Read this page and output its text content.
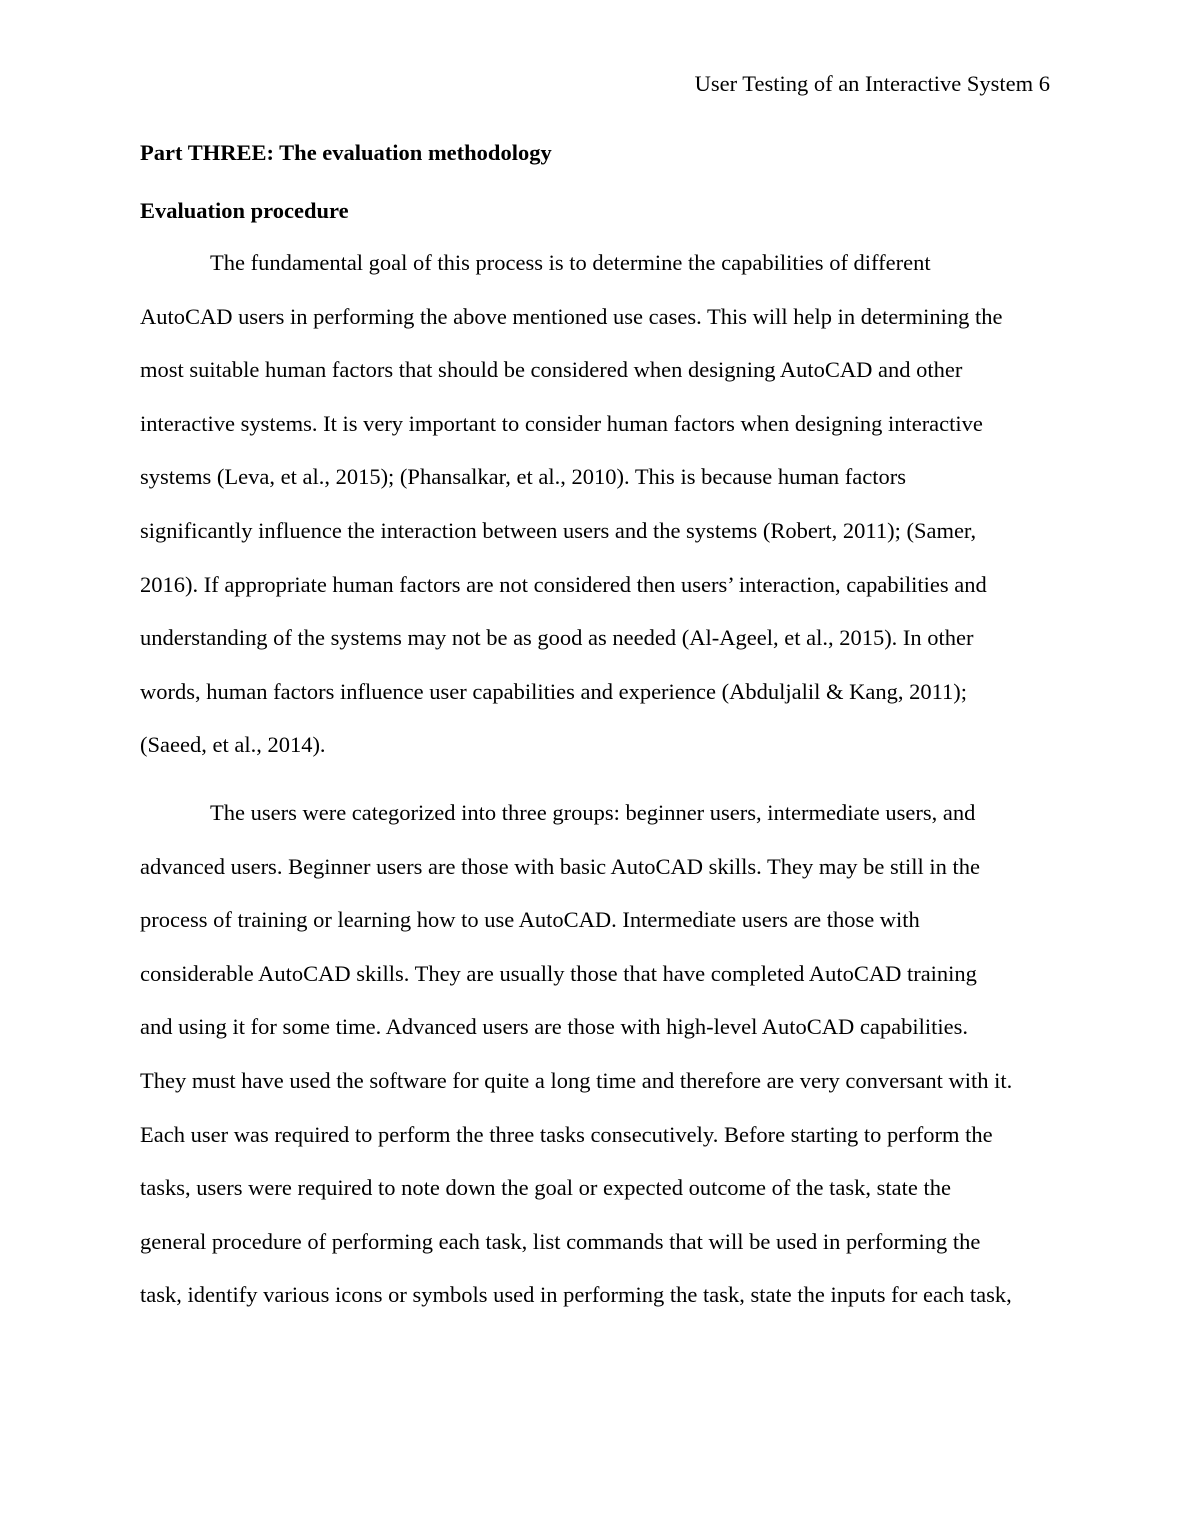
User Testing of an Interactive System 6
Part THREE: The evaluation methodology
Evaluation procedure

The fundamental goal of this process is to determine the capabilities of different
AutoCAD users in performing the above mentioned use cases. This will help in determining the
most suitable human factors that should be considered when designing AutoCAD and other
interactive systems. It is very important to consider human factors when designing interactive
systems (Leva, et al., 2015); (Phansalkar, et al., 2010). This is because human factors
significantly influence the interaction between users and the systems (Robert, 2011); (Samer,
2016). If appropriate human factors are not considered then users’ interaction, capabilities and
understanding of the systems may not be as good as needed (Al-Ageel, et al., 2015). In other
words, human factors influence user capabilities and experience (Abduljalil & Kang, 2011);
(Saeed, et al., 2014).

The users were categorized into three groups: beginner users, intermediate users, and
advanced users. Beginner users are those with basic AutoCAD skills. They may be still in the
process of training or learning how to use AutoCAD. Intermediate users are those with
considerable AutoCAD skills. They are usually those that have completed AutoCAD training
and using it for some time. Advanced users are those with high-level AutoCAD capabilities.
They must have used the software for quite a long time and therefore are very conversant with it.
Each user was required to perform the three tasks consecutively. Before starting to perform the
tasks, users were required to note down the goal or expected outcome of the task, state the
general procedure of performing each task, list commands that will be used in performing the
task, identify various icons or symbols used in performing the task, state the inputs for each task,
